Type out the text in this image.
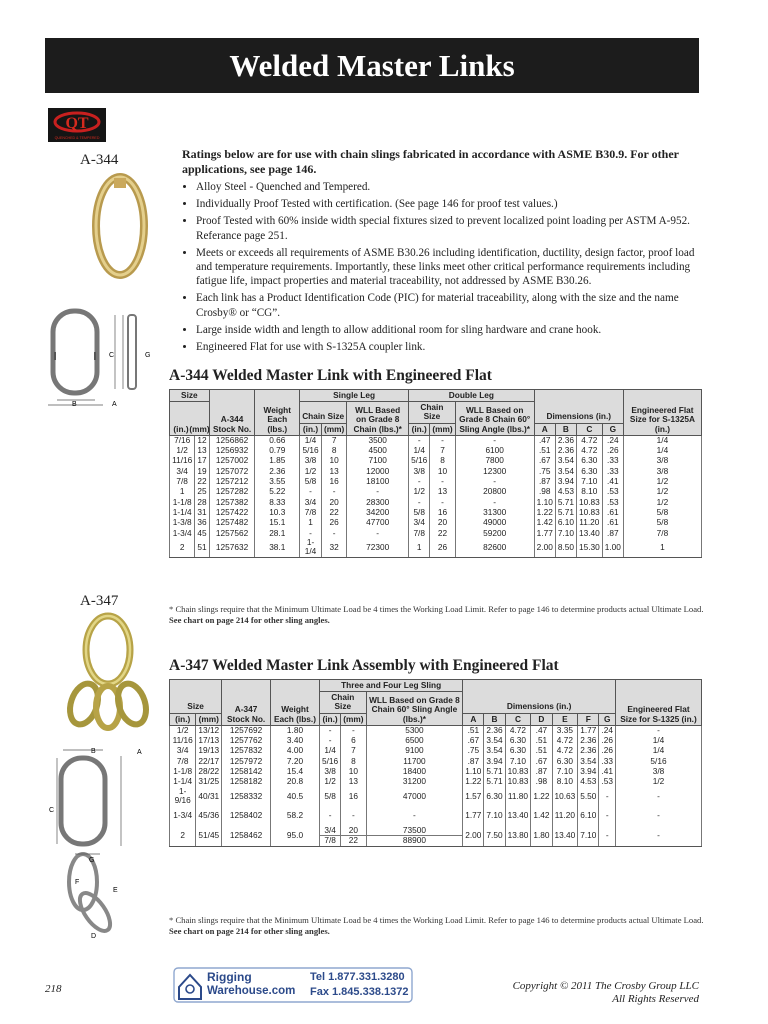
Welded Master Links
QT
QUENCHED & TEMPERED
A-344
A-347
C	G
B	A
B	A
C
G
F
E
D

Ratings below are for use with chain slings fabricated in accordance with ASME B30.9. For other applications, see page 146.

• Alloy Steel - Quenched and Tempered.
• Individually Proof Tested with certification. (See page 146 for proof test values.)
• Proof Tested with 60% inside width special fixtures sized to prevent localized point loading per ASTM A-952. Referance page 251.
• Meets or exceeds all requirements of ASME B30.26 including identification, ductility, design factor, proof load and temperature requirements. Importantly, these links meet other critical performance requirements including fatigue life, impact properties and material traceability, not addressed by ASME B30.26.
• Each link has a Product Identification Code (PIC) for material traceability, along with the size and the name Crosby® or “CG”.
• Large inside width and length to allow additional room for sling hardware and crane hook.
• Engineered Flat for use with S-1325A coupler link.
A-344 Welded Master Link with Engineered Flat
Size		A-344 Stock No.	Weight Each (lbs.)	Single Leg			Double Leg			Dimensions (in.)				Engineered Flat Size for S-1325A (in.)
(in.)(mm)				Chain Size		WLL Based on Grade 8 Chain (lbs.)*	Chain Size		WLL Based on Grade 8 Chain 60° Sling Angle (lbs.)*					
				(in.)	(mm)		(in.)	(mm)		A	B	C	G	
7/16	12	1256862	0.66	1/4	7	3500	-	-	-	.47	2.36	4.72	.24	1/4
1/2	13	1256932	0.79	5/16	8	4500	1/4	7	6100	.51	2.36	4.72	.26	1/4
11/16	17	1257002	1.85	3/8	10	7100	5/16	8	7800	.67	3.54	6.30	.33	3/8
3/4	19	1257072	2.36	1/2	13	12000	3/8	10	12300	.75	3.54	6.30	.33	3/8
7/8	22	1257212	3.55	5/8	16	18100	-	-	-	.87	3.94	7.10	.41	1/2
1	25	1257282	5.22	-	-	-	1/2	13	20800	.98	4.53	8.10	.53	1/2
1-1/8	28	1257382	8.33	3/4	20	28300	-	-	-	1.10	5.71	10.83	.53	1/2
1-1/4	31	1257422	10.3	7/8	22	34200	5/8	16	31300	1.22	5.71	10.83	.61	5/8
1-3/8	36	1257482	15.1	1	26	47700	3/4	20	49000	1.42	6.10	11.20	.61	5/8
1-3/4	45	1257562	28.1	-	-	-	7/8	22	59200	1.77	7.10	13.40	.87	7/8
2	51	1257632	38.1	1-1/4	32	72300	1	26	82600	2.00	8.50	15.30	1.00	1
* Chain slings require that the Minimum Ultimate Load be 4 times the Working Load Limit. Refer to page 146 to determine products actual Ultimate Load. See chart on page 214 for other sling angles.
A-347 Welded Master Link Assembly with Engineered Flat
Size		A-347 Stock No.	Weight Each (lbs.)	Three and Four Leg Sling			Dimensions (in.)							Engineered Flat Size for S-1325 (in.)
				Chain Size		WLL Based on Grade 8 Chain 60° Sling Angle (lbs.)*								
(in.)	(mm)			(in.)	(mm)		A	B	C	D	E	F	G	
1/2	13/12	1257692	1.80	-	-	5300	.51	2.36	4.72	.47	3.35	1.77	.24	-
11/16	17/13	1257762	3.40	-	6	6500	.67	3.54	6.30	.51	4.72	2.36	.26	1/4
3/4	19/13	1257832	4.00	1/4	7	9100	.75	3.54	6.30	.51	4.72	2.36	.26	1/4
7/8	22/17	1257972	7.20	5/16	8	11700	.87	3.94	7.10	.67	6.30	3.54	.33	5/16
1-1/8	28/22	1258142	15.4	3/8	10	18400	1.10	5.71	10.83	.87	7.10	3.94	.41	3/8
1-1/4	31/25	1258182	20.8	1/2	13	31200	1.22	5.71	10.83	.98	8.10	4.53	.53	1/2
1-9/16	40/31	1258332	40.5	5/8	16	47000	1.57	6.30	11.80	1.22	10.63	5.50	-	-
1-3/4	45/36	1258402	58.2	-	-	-	1.77	7.10	13.40	1.42	11.20	6.10	-	-
2	51/45	1258462	95.0	3/4	20	73500	2.00	7.50	13.80	1.80	13.40	7.10	-	-
				7/8	22	88900								
* Chain slings require that the Minimum Ultimate Load be 4 times the Working Load Limit. Refer to page 146 to determine products actual Ultimate Load. See chart on page 214 for other sling angles.
218
Rigging
Warehouse.com
Tel 1.877.331.3280
Fax 1.845.338.1372	Copyright © 2011 The Crosby Group LLC
All Rights Reserved
